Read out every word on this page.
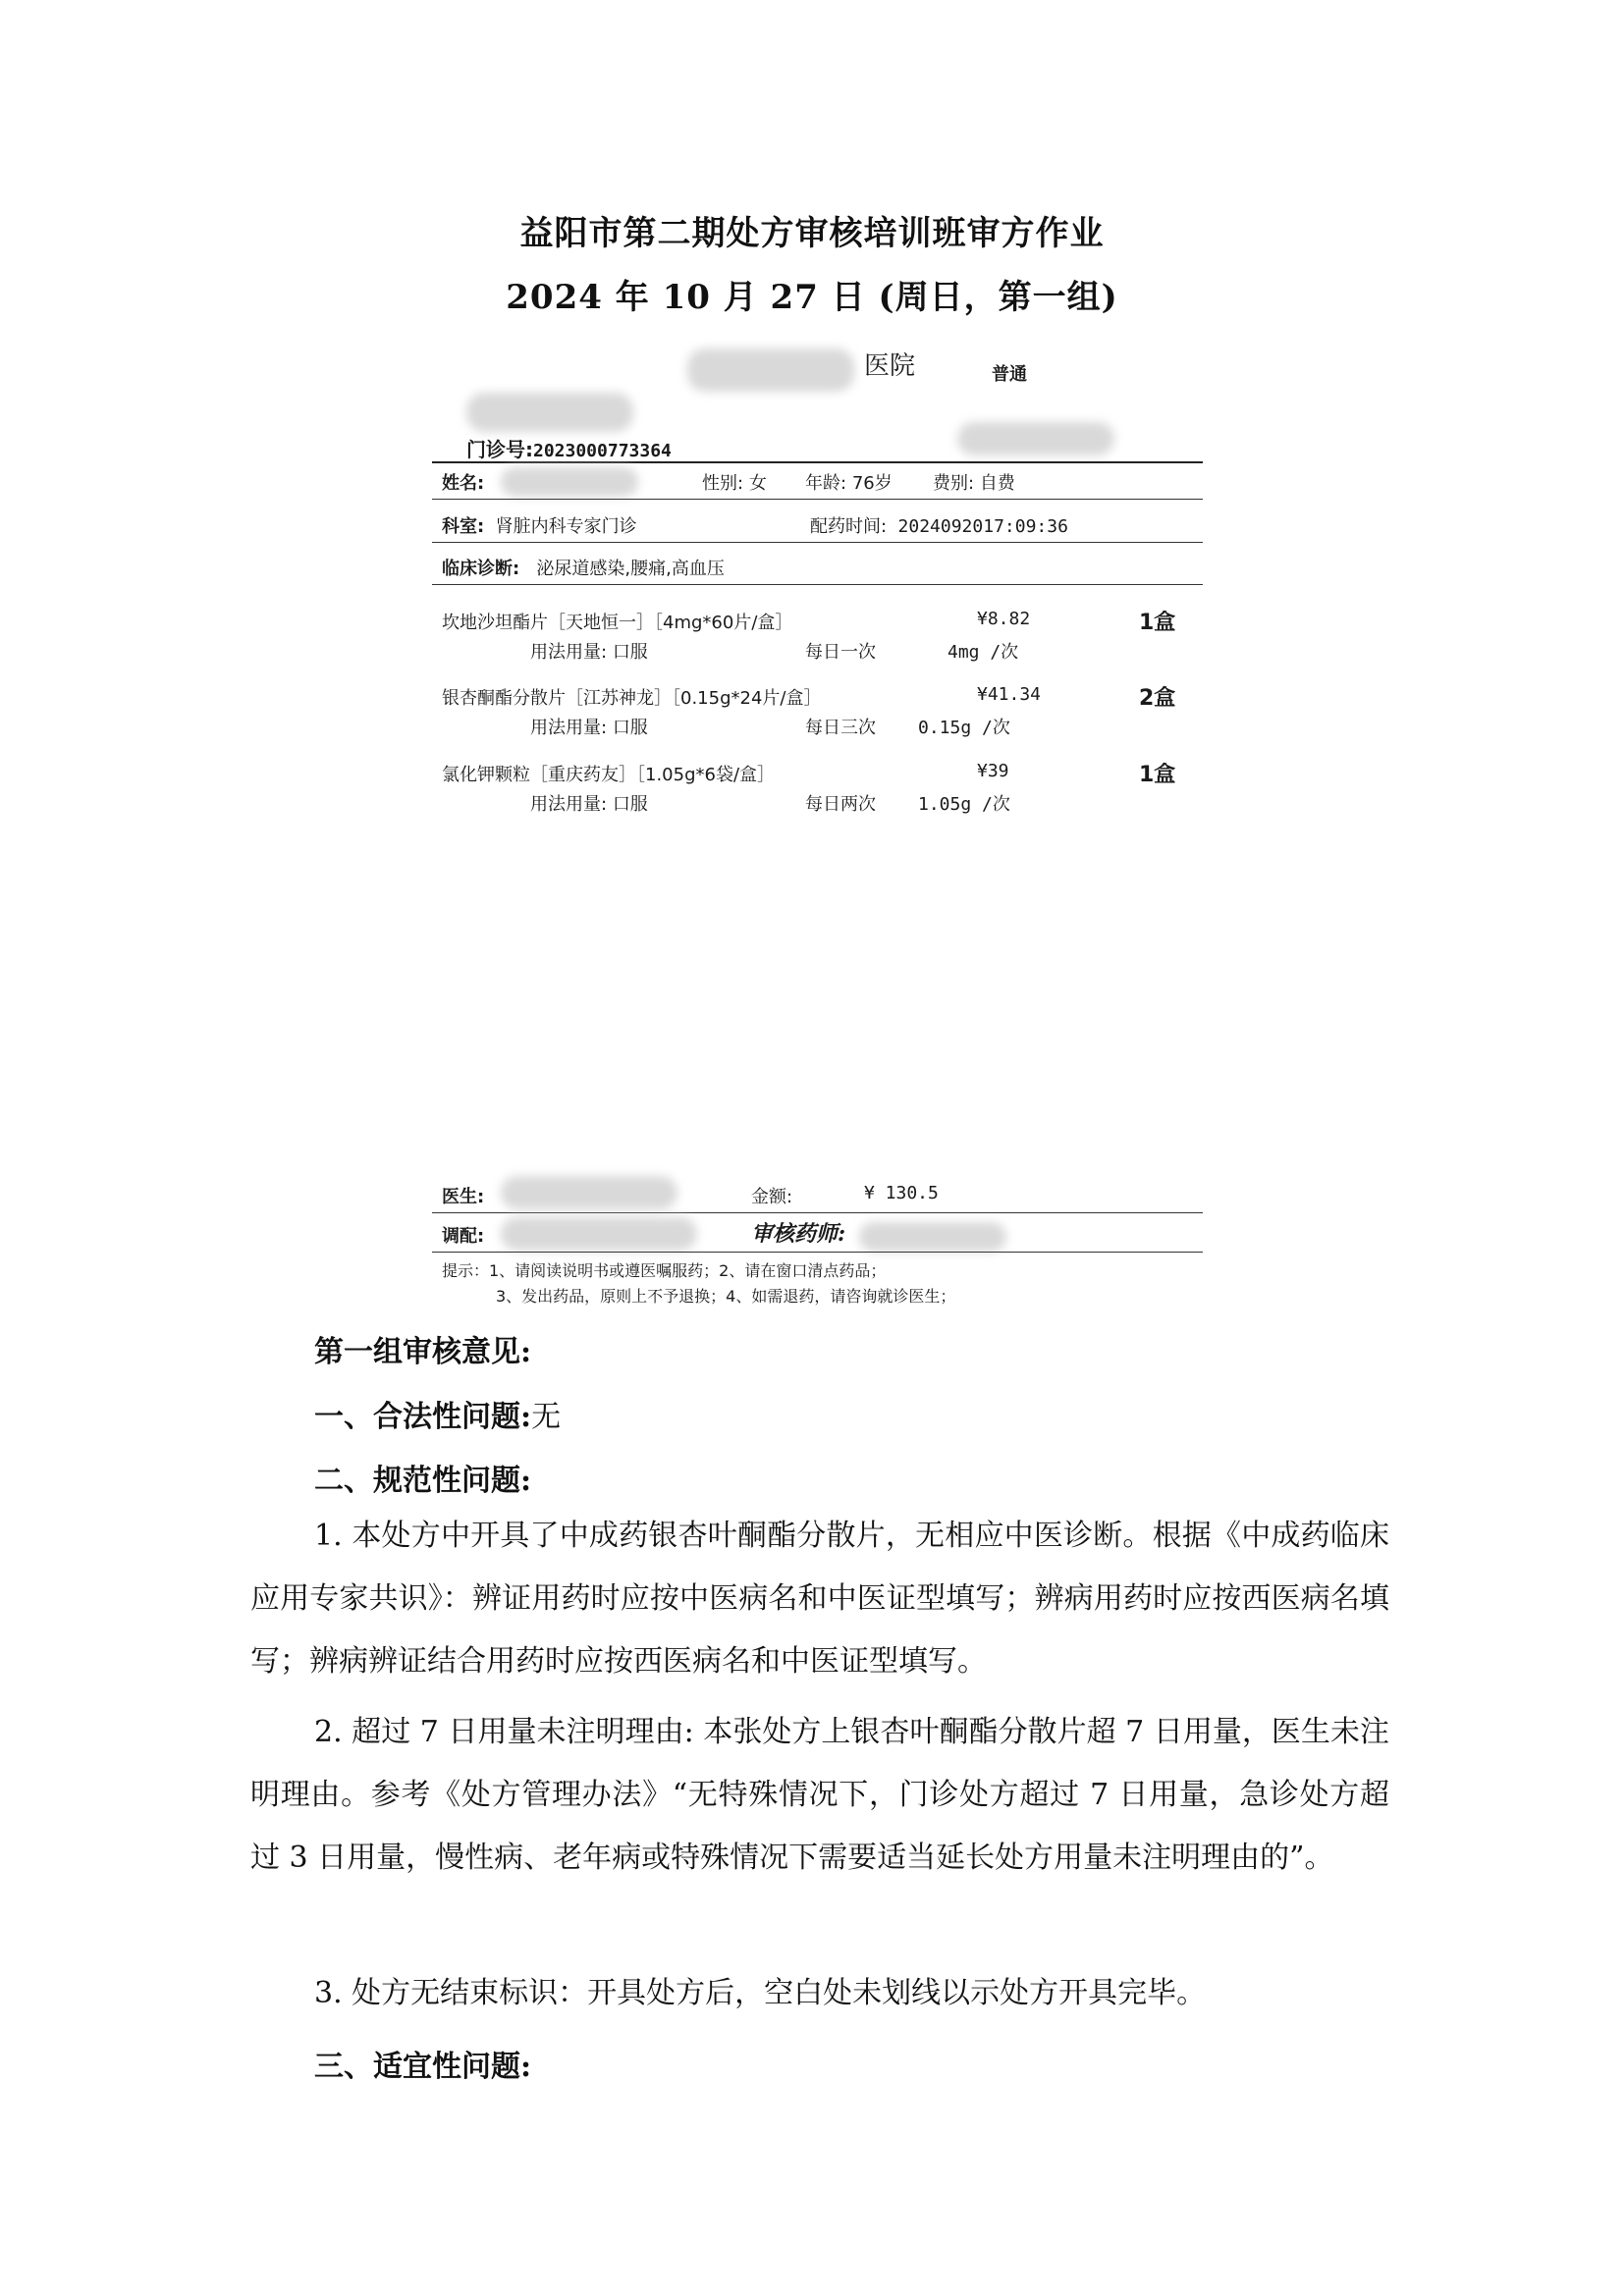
益阳市第二期处方审核培训班审方作业
2024 年 10 月 27 日 (周日，第一组)
医院	普通
门诊号:2023000773364
姓名:	性别: 女 年龄: 76岁 费别: 自费
科室: 肾脏内科专家门诊	配药时间: 2024092017:09:36
临床诊断: 泌尿道感染,腰痛,高血压
坎地沙坦酯片［天地恒一］［4mg*60片/盒］	¥8.82	1盒
用法用量: 口服	每日一次	4mg /次
银杏酮酯分散片［江苏神龙］［0.15g*24片/盒］	¥41.34	2盒
用法用量: 口服	每日三次 0.15g /次
氯化钾颗粒［重庆药友］［1.05g*6袋/盒］	¥39	1盒
用法用量: 口服	每日两次 1.05g /次
医生:	金额:	¥ 130.5
调配:	审核药师:
提示：1、请阅读说明书或遵医嘱服药；2、请在窗口清点药品；
3、发出药品，原则上不予退换；4、如需退药，请咨询就诊医生；
第一组审核意见:
一、合法性问题:无
二、规范性问题:
1. 本处方中开具了中成药银杏叶酮酯分散片，无相应中医诊断。根据《中成药临床应用专家共识》：辨证用药时应按中医病名和中医证型填写；辨病用药时应按西医病名填写；辨病辨证结合用药时应按西医病名和中医证型填写。
2. 超过 7 日用量未注明理由: 本张处方上银杏叶酮酯分散片超 7 日用量，医生未注明理由。参考《处方管理办法》“无特殊情况下，门诊处方超过 7 日用量，急诊处方超过 3 日用量，慢性病、老年病或特殊情况下需要适当延长处方用量未注明理由的”。
3. 处方无结束标识：开具处方后，空白处未划线以示处方开具完毕。
三、适宜性问题:
